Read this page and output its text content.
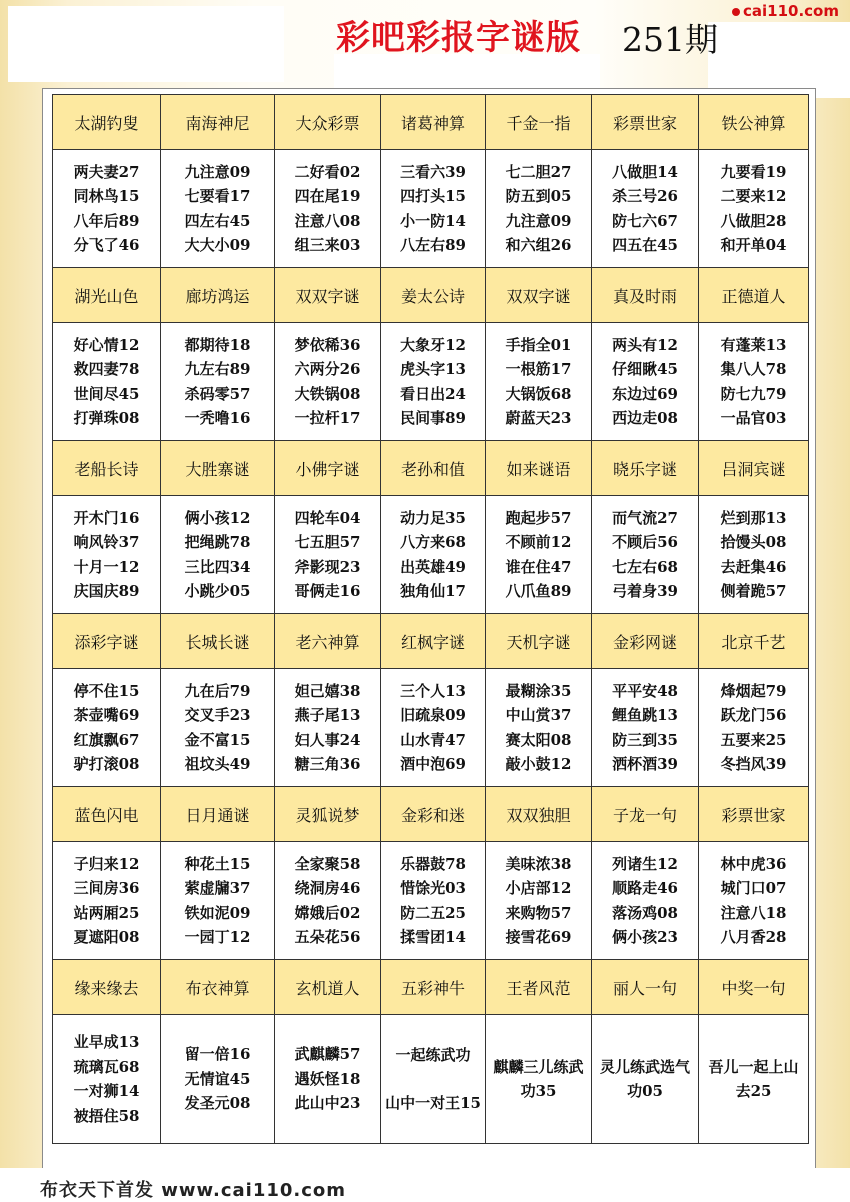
彩吧彩报字谜版 251期
cai110.com
太湖钓叟	南海神尼	大众彩票	诸葛神算	千金一指	彩票世家	铁公神算

两夫妻27
同林鸟15
八年后89
分飞了46	九注意09
七要看17
四左右45
大大小09	二好看02
四在尾19
注意八08
组三来03	三看六39
四打头15
小一防14
八左右89	七二胆27
防五到05
九注意09
和六组26	八做胆14
杀三号26
防七六67
四五在45	九要看19
二要来12
八做胆28
和开单04

湖光山色	廊坊鸿运	双双字谜	姜太公诗	双双字谜	真及时雨	正德道人

好心情12
救四妻78
世间尽45
打弹珠08	都期待18
九左右89
杀码零57
一秃噜16	梦依稀36
六两分26
大铁锅08
一拉杆17	大象牙12
虎头字13
看日出24
民间事89	手指全01
一根筋17
大锅饭68
蔚蓝天23	两头有12
仔细瞅45
东边过69
西边走08	有蓬莱13
集八人78
防七九79
一品官03

老船长诗	大胜寨谜	小佛字谜	老孙和值	如来谜语	晓乐字谜	吕洞宾谜

开木门16
响风铃37
十月一12
庆国庆89	俩小孩12
把绳跳78
三比四34
小跳少05	四轮车04
七五胆57
斧影现23
哥俩走16	动力足35
八方来68
出英雄49
独角仙17	跑起步57
不顾前12
谁在住47
八爪鱼89	而气流27
不顾后56
七左右68
弓着身39	烂到那13
拾馒头08
去赶集46
侧着跪57

添彩字谜	长城长谜	老六神算	红枫字谜	天机字谜	金彩网谜	北京千艺

停不住15
茶壶嘴69
红旗飘67
驴打滚08	九在后79
交叉手23
金不富15
祖坟头49	妲己嬉38
燕子尾13
妇人事24
糖三角36	三个人13
旧疏泉09
山水青47
酒中泡69	最糊涂35
中山赏37
赛太阳08
敲小鼓12	平平安48
鲤鱼跳13
防三到35
洒杯酒39	烽烟起79
跃龙门56
五要来25
冬挡风39

蓝色闪电	日月通谜	灵狐说梦	金彩和迷	双双独胆	子龙一句	彩票世家

子归来12
三间房36
站两厢25
夏遮阳08	种花土15
萦虚牖37
铁如泥09
一园丁12	全家聚58
绕洞房46
嫦娥后02
五朵花56	乐器鼓78
惜馀光03
防二五25
揉雪团14	美味浓38
小店部12
来购物57
接雪花69	列诸生12
顺路走46
落汤鸡08
俩小孩23	林中虎36
城门口07
注意八18
八月香28

缘来缘去	布衣神算	玄机道人	五彩神牛	王者风范	丽人一句	中奖一句

业早成13
琉璃瓦68
一对狮14
被捂住58	留一倍16
无情谊45
发圣元08	武麒麟57
遇妖怪18
此山中23	一起练武功
山中一对王15	麒麟三儿练武功35	灵儿练武选气功05	吾儿一起上山去25
布衣天下首发 www.cai110.com
